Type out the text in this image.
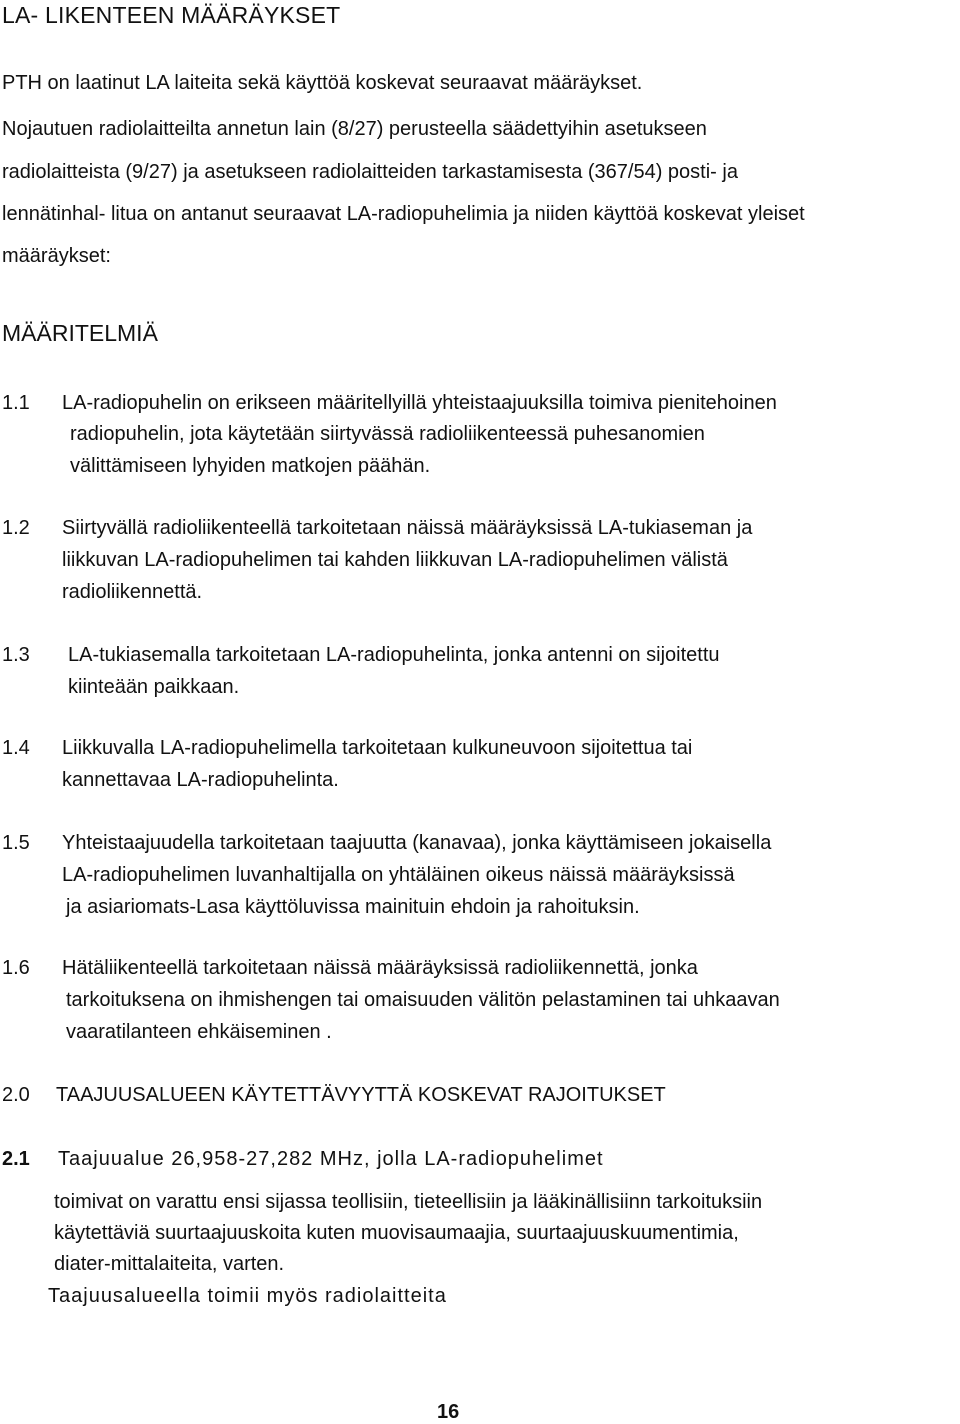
LA- LIKENTEEN MÄÄRÄYKSET
PTH on laatinut LA laiteita sekä käyttöä koskevat seuraavat määräykset.
Nojautuen radiolaitteilta annetun lain (8/27) perusteella säädettyihin asetukseen
radiolaitteista (9/27) ja asetukseen radiolaitteiden tarkastamisesta (367/54) posti- ja
lennätinhal- litua on antanut seuraavat LA-radiopuhelimia ja niiden käyttöä koskevat yleiset
määräykset:
MÄÄRITELMIÄ
1.1 LA-radiopuhelin on erikseen määritellyillä yhteistaajuuksilla toimiva pienitehoinen
radiopuhelin, jota käytetään siirtyvässä radioliikenteessä puhesanomien
välittämiseen lyhyiden matkojen päähän.
1.2 Siirtyvällä radioliikenteellä tarkoitetaan näissä määräyksissä LA-tukiaseman ja
liikkuvan LA-radiopuhelimen tai kahden liikkuvan LA-radiopuhelimen välistä
radioliikennettä.
1.3 LA-tukiasemalla tarkoitetaan LA-radiopuhelinta, jonka antenni on sijoitettu
kiinteään paikkaan.
1.4 Liikkuvalla LA-radiopuhelimella tarkoitetaan kulkuneuvoon sijoitettua tai
kannettavaa LA-radiopuhelinta.
1.5 Yhteistaajuudella tarkoitetaan taajuutta (kanavaa), jonka käyttämiseen jokaisella
LA-radiopuhelimen luvanhaltijalla on yhtäläinen oikeus näissä määräyksissä
ja asiariomats-Lasa käyttöluvissa mainituin ehdoin ja rahoituksin.
1.6 Hätäliikenteellä tarkoitetaan näissä määräyksissä radioliikennettä, jonka
tarkoituksena on ihmishengen tai omaisuuden välitön pelastaminen tai uhkaavan
vaaratilanteen ehkäiseminen .
2.0 TAAJUUSALUEEN KÄYTETTÄVYYTTÄ KOSKEVAT RAJOITUKSET
2.1 Taajuualue 26,958-27,282 MHz, jolla LA-radiopuhelimet
toimivat on varattu ensi sijassa teollisiin, tieteellisiin ja lääkinällisiinn tarkoituksiin
käytettäviä suurtaajuuskoita kuten muovisaumaajia, suurtaajuuskuumentimia,
diater-mittalaiteita, varten.
Taajuusalueella toimii myös radiolaitteita
16
